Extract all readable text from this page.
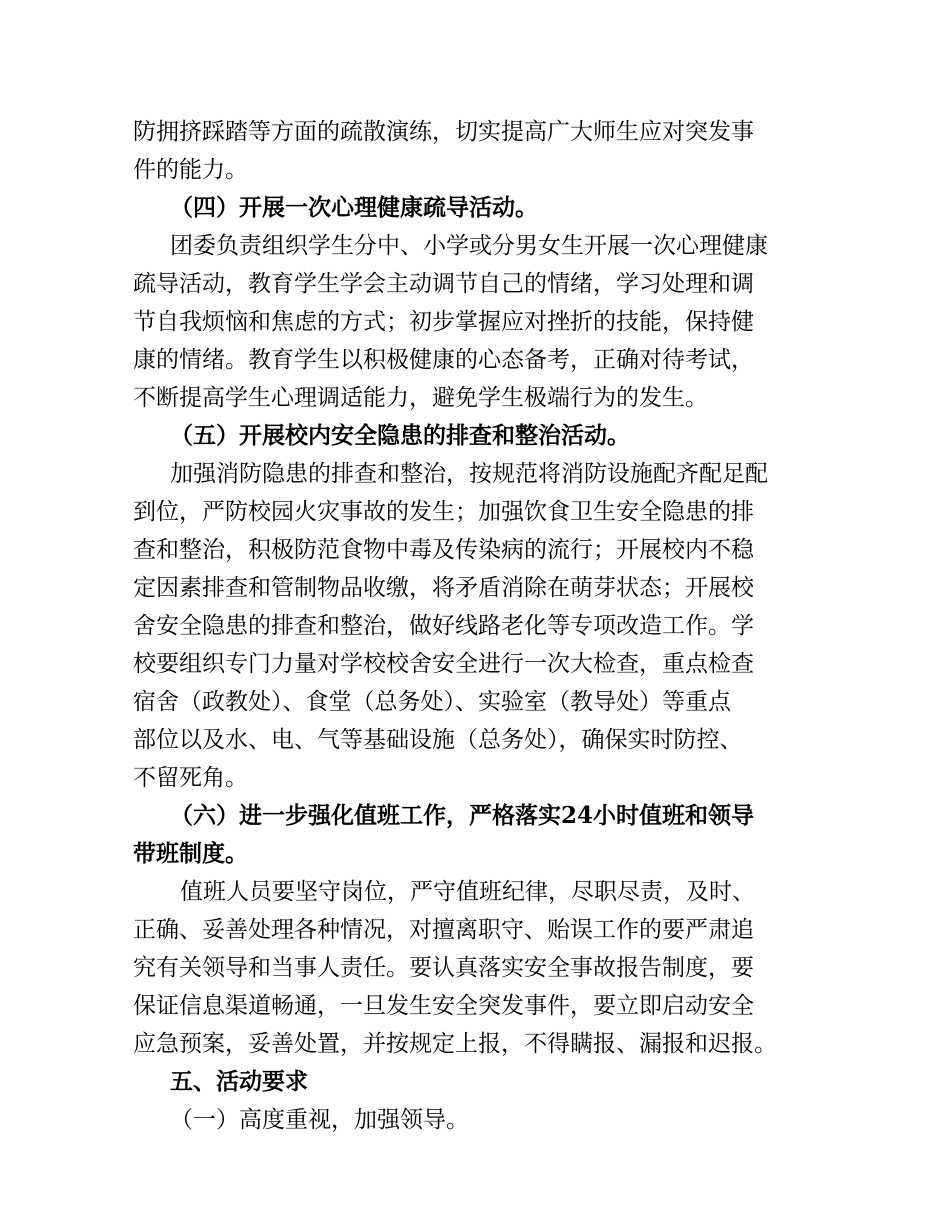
防拥挤踩踏等方面的疏散演练，切实提高广大师生应对突发事
件的能力。
（四）开展一次心理健康疏导活动。
团委负责组织学生分中、小学或分男女生开展一次心理健康
疏导活动，教育学生学会主动调节自己的情绪，学习处理和调
节自我烦恼和焦虑的方式；初步掌握应对挫折的技能，保持健
康的情绪。教育学生以积极健康的心态备考，正确对待考试，
不断提高学生心理调适能力，避免学生极端行为的发生。
（五）开展校内安全隐患的排查和整治活动。
加强消防隐患的排查和整治，按规范将消防设施配齐配足配
到位，严防校园火灾事故的发生；加强饮食卫生安全隐患的排
查和整治，积极防范食物中毒及传染病的流行；开展校内不稳
定因素排查和管制物品收缴，将矛盾消除在萌芽状态；开展校
舍安全隐患的排查和整治，做好线路老化等专项改造工作。学
校要组织专门力量对学校校舍安全进行一次大检查，重点检查
宿舍（政教处）、食堂（总务处）、实验室（教导处）等重点
部位以及水、电、气等基础设施（总务处），确保实时防控、
不留死角。
（六）进一步强化值班工作，严格落实24小时值班和领导
带班制度。
值班人员要坚守岗位，严守值班纪律，尽职尽责，及时、
正确、妥善处理各种情况，对擅离职守、贻误工作的要严肃追
究有关领导和当事人责任。要认真落实安全事故报告制度，要
保证信息渠道畅通，一旦发生安全突发事件，要立即启动安全
应急预案，妥善处置，并按规定上报，不得瞒报、漏报和迟报。
五、活动要求
（一）高度重视，加强领导。
